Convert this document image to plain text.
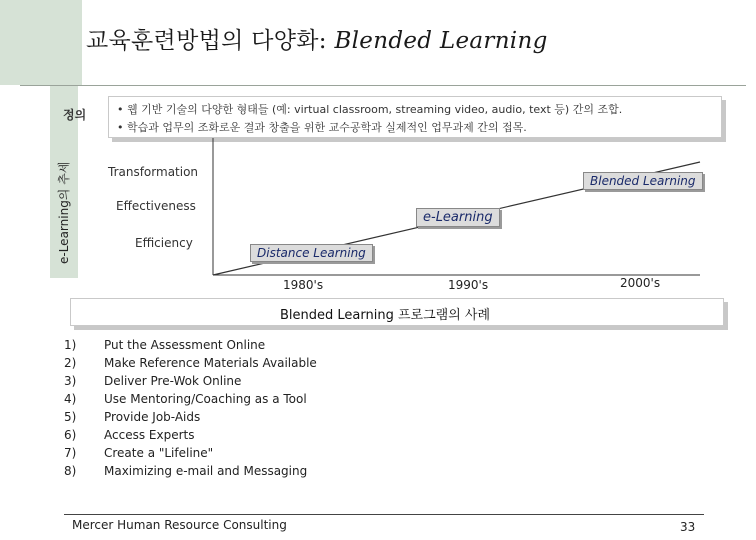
교육훈련방법의 다양화: Blended Learning
정의
e-Learning의 추세
• 웹 기반 기술의 다양한 형태들 (예: virtual classroom, streaming video, audio, text 등) 간의 조합.
• 학습과 업무의 조화로운 결과 창출을 위한 교수공학과 실제적인 업무과제 간의 접목.
Transformation
Effectiveness
Efficiency
Distance Learning
e-Learning
Blended Learning
1980's	1990's	2000's
Blended Learning 프로그램의 사례
1) Put the Assessment Online
2) Make Reference Materials Available
3) Deliver Pre-Wok Online
4) Use Mentoring/Coaching as a Tool
5) Provide Job-Aids
6) Access Experts
7) Create a "Lifeline"
8) Maximizing e-mail and Messaging
Mercer Human Resource Consulting	33
